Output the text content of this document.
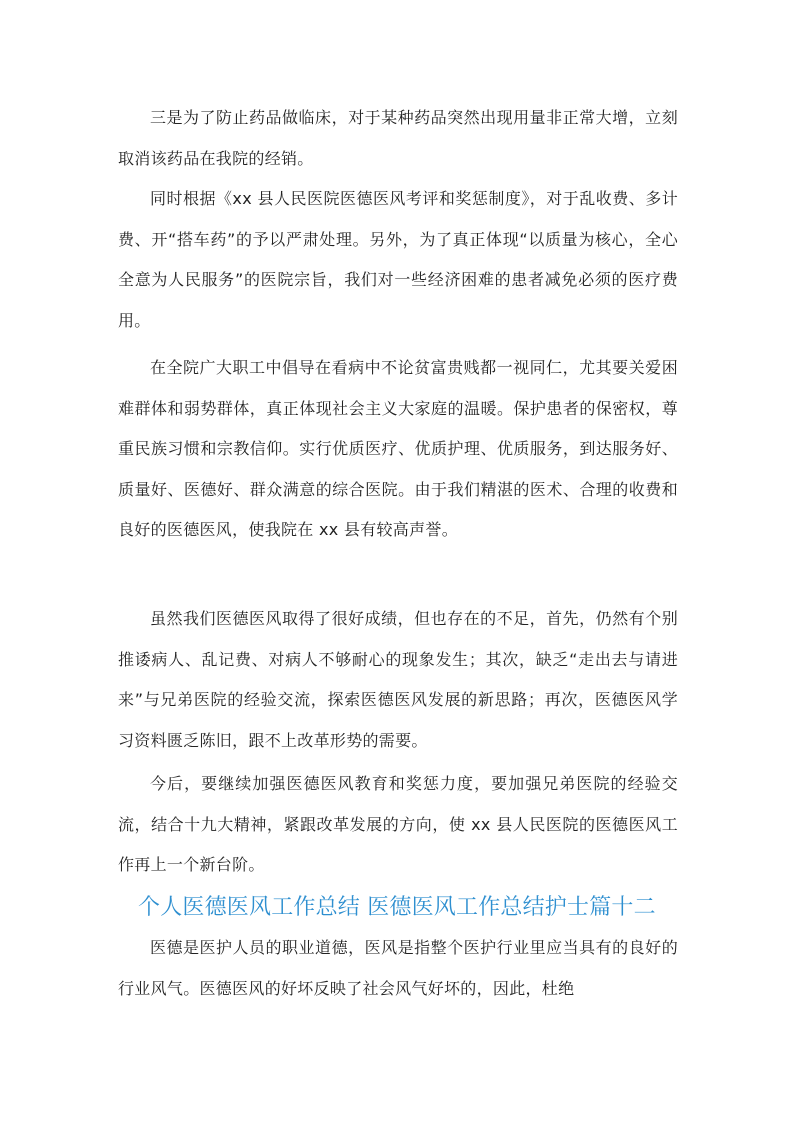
三是为了防止药品做临床，对于某种药品突然出现用量非正常大增，立刻取消该药品在我院的经销。

同时根据《xx 县人民医院医德医风考评和奖惩制度》，对于乱收费、多计费、开“搭车药”的予以严肃处理。另外，为了真正体现“以质量为核心，全心全意为人民服务”的医院宗旨，我们对一些经济困难的患者减免必须的医疗费用。

在全院广大职工中倡导在看病中不论贫富贵贱都一视同仁，尤其要关爱困难群体和弱势群体，真正体现社会主义大家庭的温暖。保护患者的保密权，尊重民族习惯和宗教信仰。实行优质医疗、优质护理、优质服务，到达服务好、质量好、医德好、群众满意的综合医院。由于我们精湛的医术、合理的收费和良好的医德医风，使我院在 xx 县有较高声誉。

虽然我们医德医风取得了很好成绩，但也存在的不足，首先，仍然有个别推诿病人、乱记费、对病人不够耐心的现象发生；其次，缺乏“走出去与请进来”与兄弟医院的经验交流，探索医德医风发展的新思路；再次，医德医风学习资料匮乏陈旧，跟不上改革形势的需要。

今后，要继续加强医德医风教育和奖惩力度，要加强兄弟医院的经验交流，结合十九大精神，紧跟改革发展的方向，使 xx 县人民医院的医德医风工作再上一个新台阶。

个人医德医风工作总结 医德医风工作总结护士篇十二

医德是医护人员的职业道德，医风是指整个医护行业里应当具有的良好的行业风气。医德医风的好坏反映了社会风气好坏的，因此，杜绝
